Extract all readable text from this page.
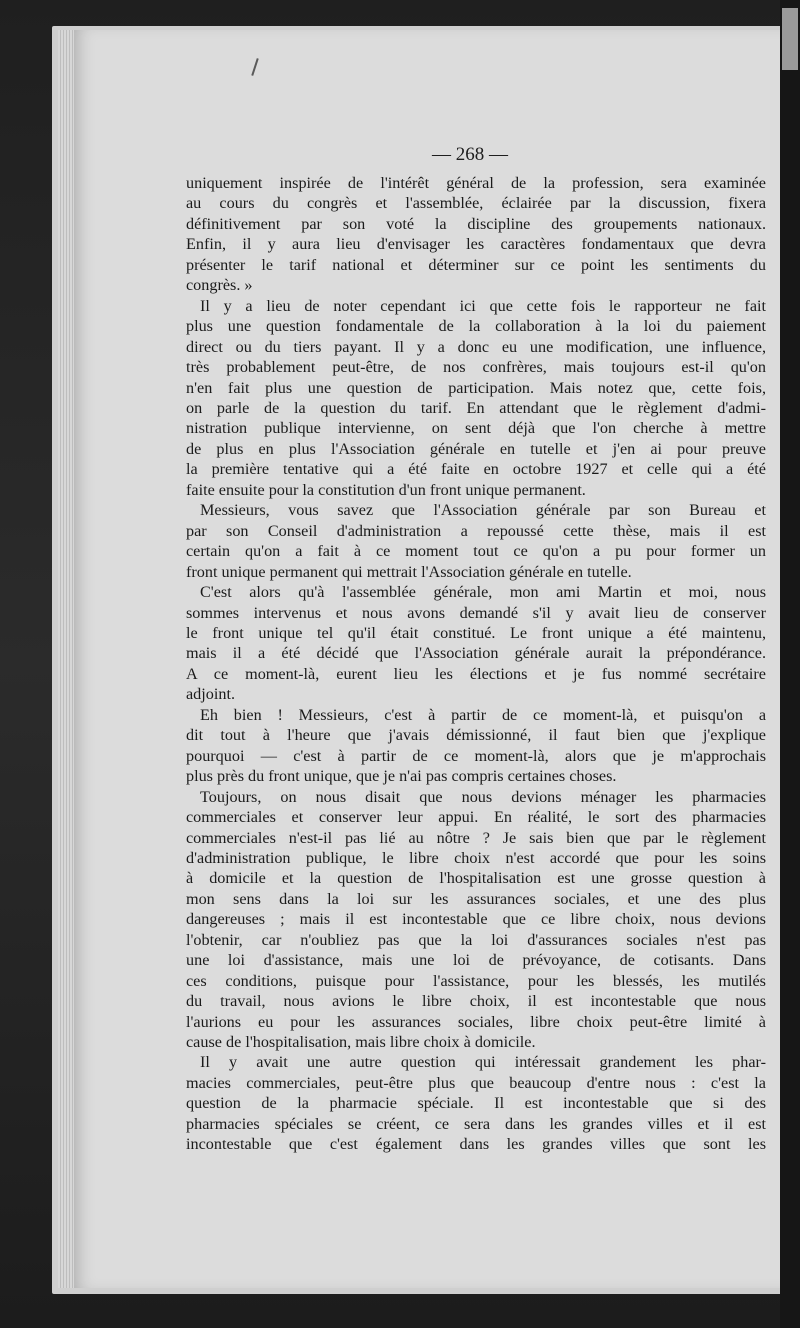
— 268 —

uniquement inspirée de l'intérêt général de la profession, sera examinée

au cours du congrès et l'assemblée, éclairée par la discussion, fixera

définitivement par son voté la discipline des groupements nationaux.

Enfin, il y aura lieu d'envisager les caractères fondamentaux que devra

présenter le tarif national et déterminer sur ce point les sentiments du

congrès. »

Il y a lieu de noter cependant ici que cette fois le rapporteur ne fait

plus une question fondamentale de la collaboration à la loi du paiement

direct ou du tiers payant. Il y a donc eu une modification, une influence,

très probablement peut-être, de nos confrères, mais toujours est-il qu'on

n'en fait plus une question de participation. Mais notez que, cette fois,

on parle de la question du tarif. En attendant que le règlement d'admi-

nistration publique intervienne, on sent déjà que l'on cherche à mettre

de plus en plus l'Association générale en tutelle et j'en ai pour preuve

la première tentative qui a été faite en octobre 1927 et celle qui a été

faite ensuite pour la constitution d'un front unique permanent.

Messieurs, vous savez que l'Association générale par son Bureau et

par son Conseil d'administration a repoussé cette thèse, mais il est

certain qu'on a fait à ce moment tout ce qu'on a pu pour former un

front unique permanent qui mettrait l'Association générale en tutelle.

C'est alors qu'à l'assemblée générale, mon ami Martin et moi, nous

sommes intervenus et nous avons demandé s'il y avait lieu de conserver

le front unique tel qu'il était constitué. Le front unique a été maintenu,

mais il a été décidé que l'Association générale aurait la prépondérance.

A ce moment-là, eurent lieu les élections et je fus nommé secrétaire

adjoint.

Eh bien ! Messieurs, c'est à partir de ce moment-là, et puisqu'on a

dit tout à l'heure que j'avais démissionné, il faut bien que j'explique

pourquoi — c'est à partir de ce moment-là, alors que je m'approchais

plus près du front unique, que je n'ai pas compris certaines choses.

Toujours, on nous disait que nous devions ménager les pharmacies

commerciales et conserver leur appui. En réalité, le sort des pharmacies

commerciales n'est-il pas lié au nôtre ? Je sais bien que par le règlement

d'administration publique, le libre choix n'est accordé que pour les soins

à domicile et la question de l'hospitalisation est une grosse question à

mon sens dans la loi sur les assurances sociales, et une des plus

dangereuses ; mais il est incontestable que ce libre choix, nous devions

l'obtenir, car n'oubliez pas que la loi d'assurances sociales n'est pas

une loi d'assistance, mais une loi de prévoyance, de cotisants. Dans

ces conditions, puisque pour l'assistance, pour les blessés, les mutilés

du travail, nous avions le libre choix, il est incontestable que nous

l'aurions eu pour les assurances sociales, libre choix peut-être limité à

cause de l'hospitalisation, mais libre choix à domicile.

Il y avait une autre question qui intéressait grandement les phar-

macies commerciales, peut-être plus que beaucoup d'entre nous : c'est la

question de la pharmacie spéciale. Il est incontestable que si des

pharmacies spéciales se créent, ce sera dans les grandes villes et il est

incontestable que c'est également dans les grandes villes que sont les
